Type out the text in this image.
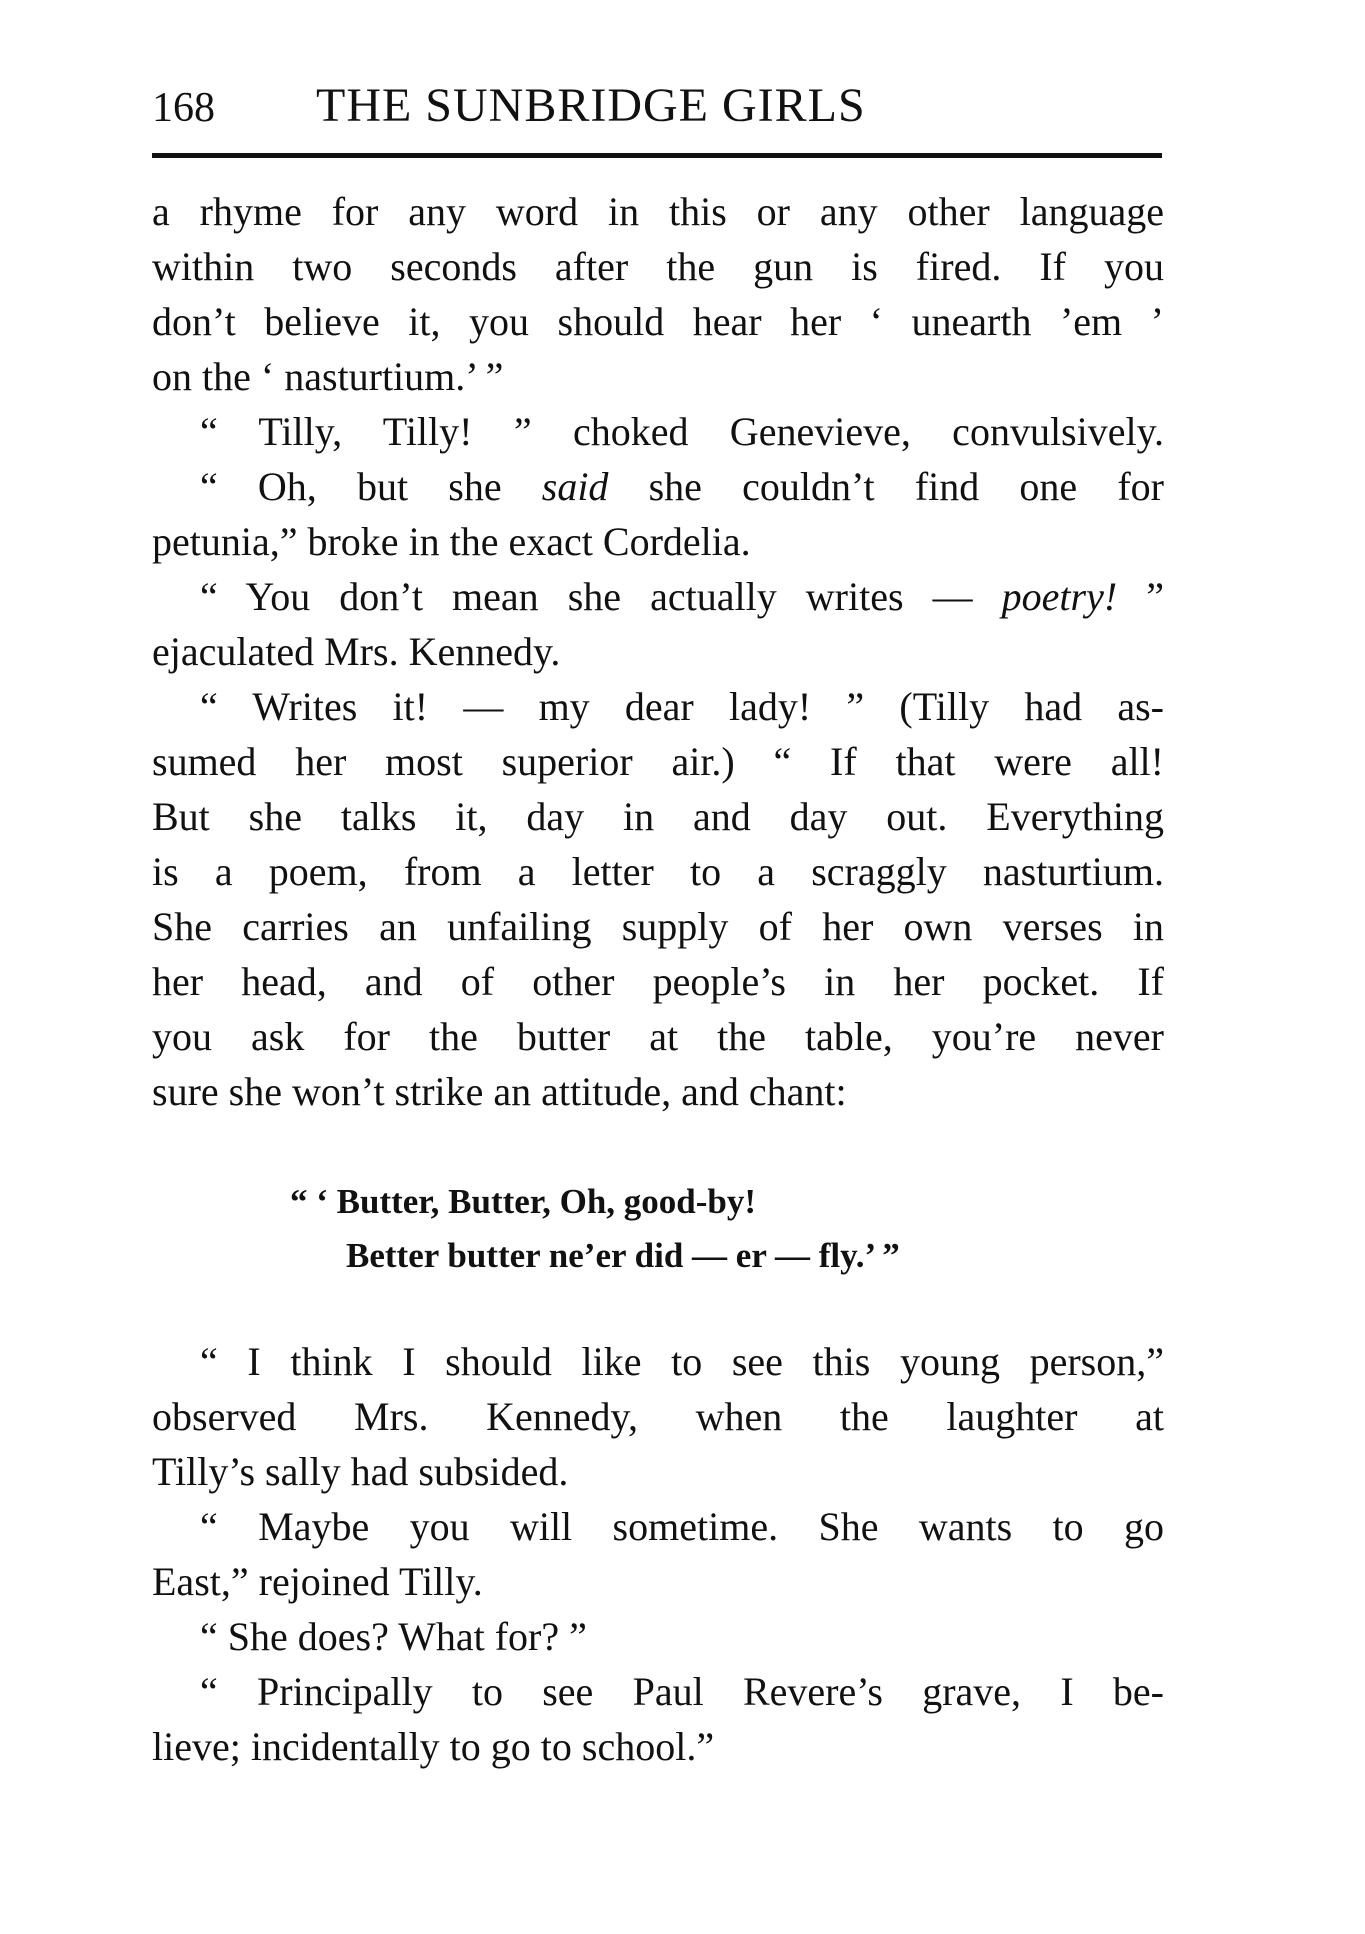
168 THE SUNBRIDGE GIRLS
a rhyme for any word in this or any other language
within two seconds after the gun is fired. If you
don’t believe it, you should hear her ‘ unearth ’em ’
on the ‘ nasturtium.’ ”
“ Tilly, Tilly! ” choked Genevieve, convulsively.
“ Oh, but she said she couldn’t find one for
petunia,” broke in the exact Cordelia.
“ You don’t mean she actually writes — poetry! ”
ejaculated Mrs. Kennedy.
“ Writes it! — my dear lady! ” (Tilly had as-
sumed her most superior air.) “ If that were all!
But she talks it, day in and day out. Everything
is a poem, from a letter to a scraggly nasturtium.
She carries an unfailing supply of her own verses in
her head, and of other people’s in her pocket. If
you ask for the butter at the table, you’re never
sure she won’t strike an attitude, and chant:
“ ‘ Butter, Butter, Oh, good-by!
Better butter ne’er did — er — fly.’ ”
“ I think I should like to see this young person,”
observed Mrs. Kennedy, when the laughter at
Tilly’s sally had subsided.
“ Maybe you will sometime. She wants to go
East,” rejoined Tilly.
“ She does? What for? ”
“ Principally to see Paul Revere’s grave, I be-
lieve; incidentally to go to school.”
